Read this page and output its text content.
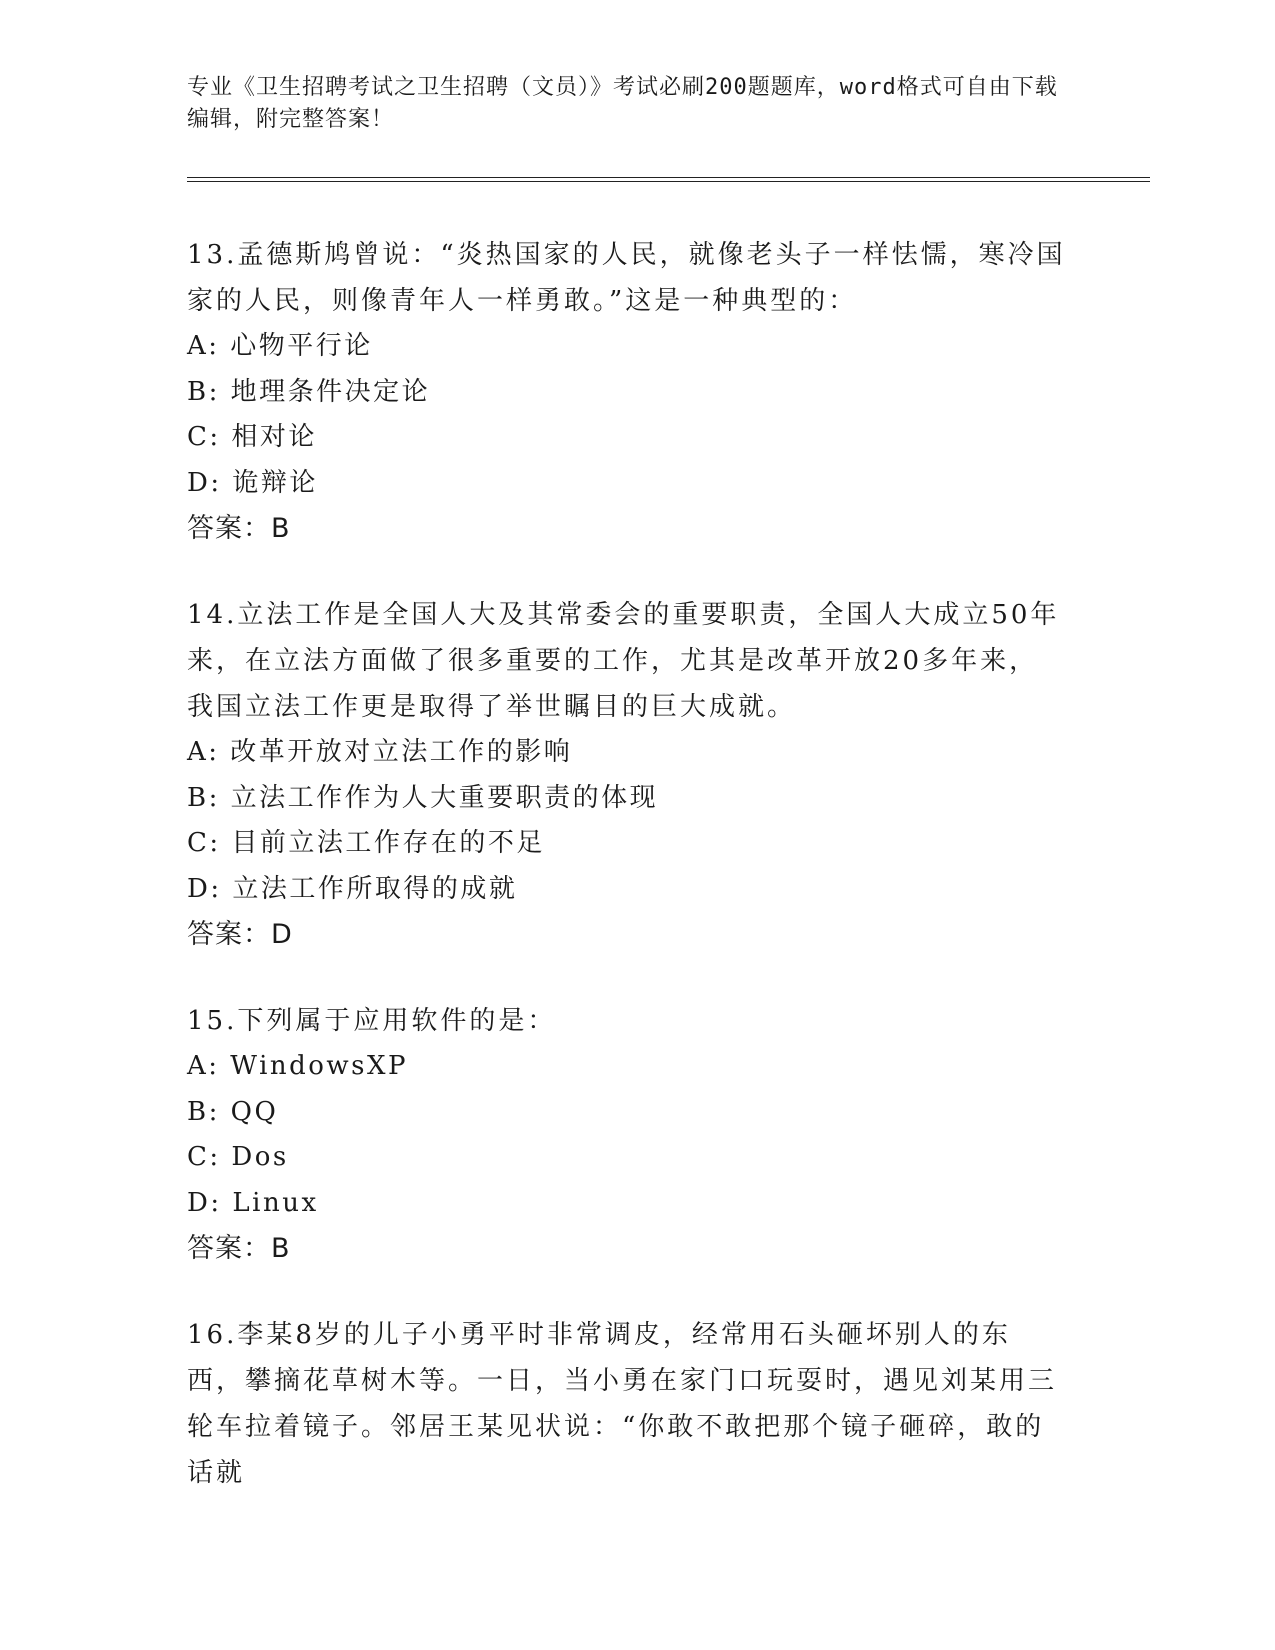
专业《卫生招聘考试之卫生招聘（文员）》考试必刷200题题库，word格式可自由下载编辑，附完整答案！

13.孟德斯鸠曾说：“炎热国家的人民，就像老头子一样怯懦，寒冷国家的人民，则像青年人一样勇敢。”这是一种典型的：

A: 心物平行论

B: 地理条件决定论

C: 相对论

D: 诡辩论

答案：B

14.立法工作是全国人大及其常委会的重要职责，全国人大成立50年来，在立法方面做了很多重要的工作，尤其是改革开放20多年来，我国立法工作更是取得了举世瞩目的巨大成就。

A: 改革开放对立法工作的影响

B: 立法工作作为人大重要职责的体现

C: 目前立法工作存在的不足

D: 立法工作所取得的成就

答案：D

15.下列属于应用软件的是：

A: WindowsXP

B: QQ

C: Dos

D: Linux

答案：B

16.李某8岁的儿子小勇平时非常调皮，经常用石头砸坏别人的东西，攀摘花草树木等。一日，当小勇在家门口玩耍时，遇见刘某用三轮车拉着镜子。邻居王某见状说：“你敢不敢把那个镜子砸碎，敢的话就
